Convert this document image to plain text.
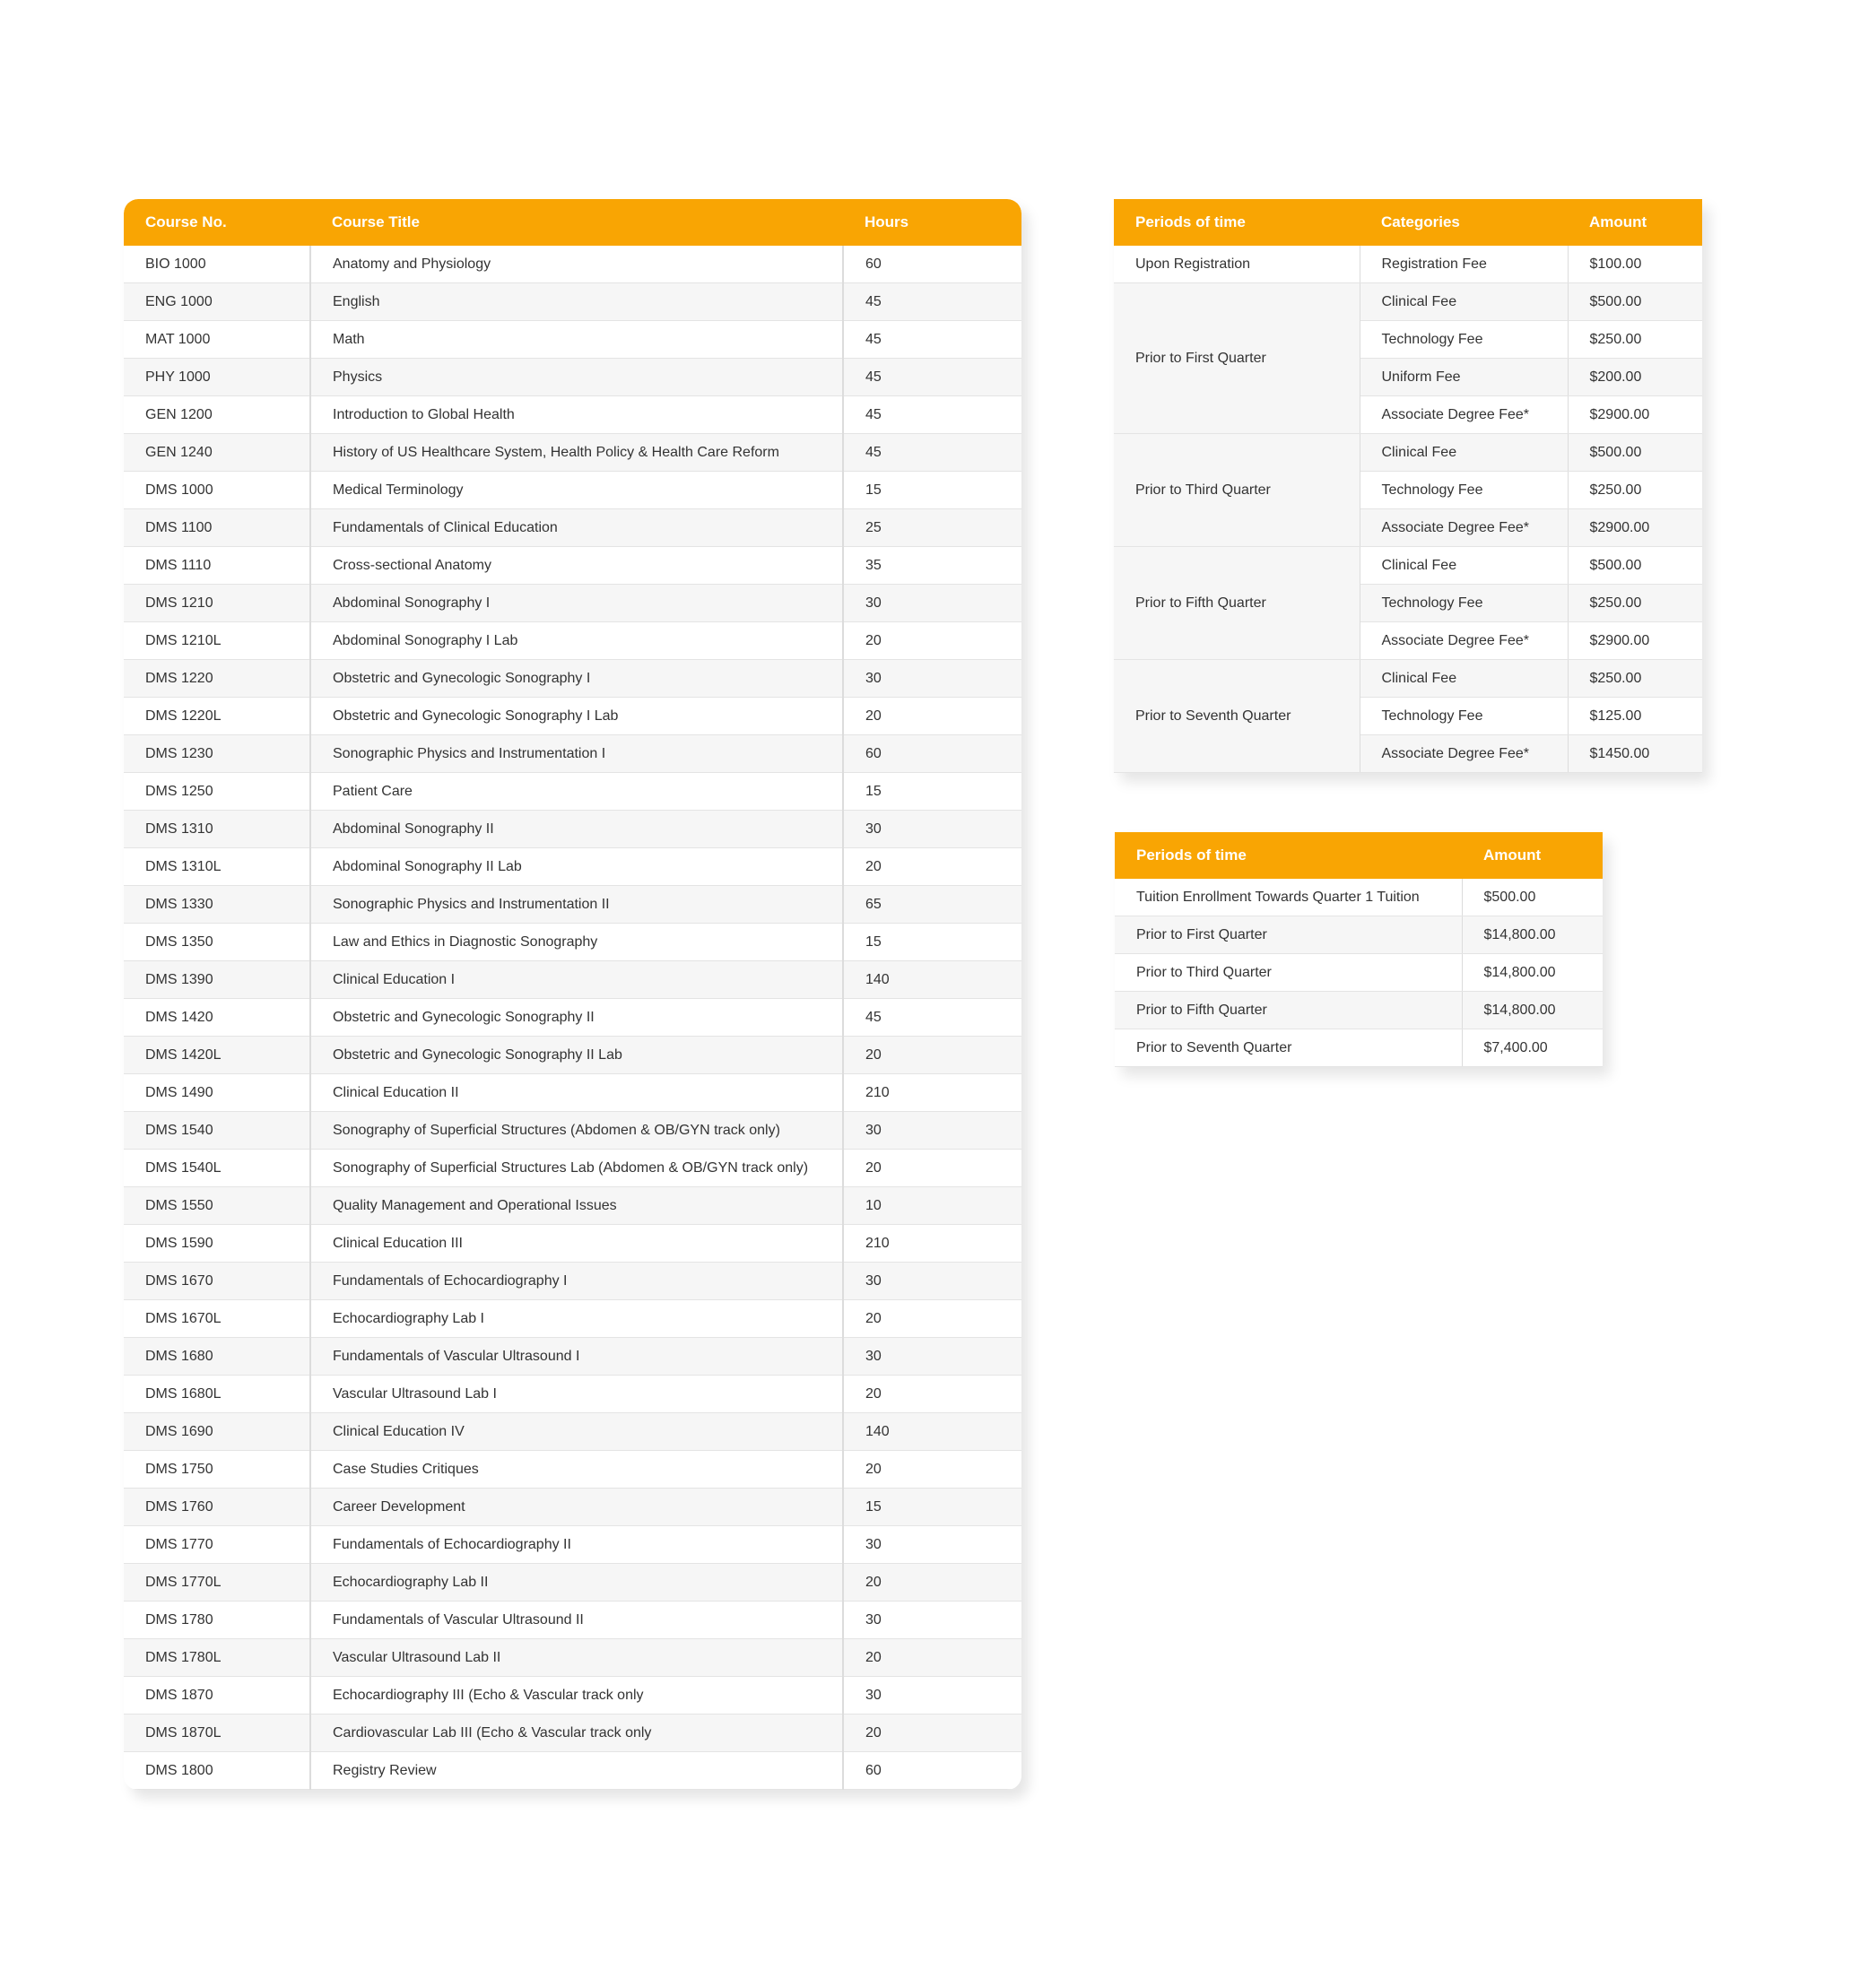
Course No.	Course Title	Hours
BIO 1000	Anatomy and Physiology	60
ENG 1000	English	45
MAT 1000	Math	45
PHY 1000	Physics	45
GEN 1200	Introduction to Global Health	45
GEN 1240	History of US Healthcare System, Health Policy & Health Care Reform	45
DMS 1000	Medical Terminology	15
DMS 1100	Fundamentals of Clinical Education	25
DMS 1110	Cross-sectional Anatomy	35
DMS 1210	Abdominal Sonography I	30
DMS 1210L	Abdominal Sonography I Lab	20
DMS 1220	Obstetric and Gynecologic Sonography I	30
DMS 1220L	Obstetric and Gynecologic Sonography I Lab	20
DMS 1230	Sonographic Physics and Instrumentation I	60
DMS 1250	Patient Care	15
DMS 1310	Abdominal Sonography II	30
DMS 1310L	Abdominal Sonography II Lab	20
DMS 1330	Sonographic Physics and Instrumentation II	65
DMS 1350	Law and Ethics in Diagnostic Sonography	15
DMS 1390	Clinical Education I	140
DMS 1420	Obstetric and Gynecologic Sonography II	45
DMS 1420L	Obstetric and Gynecologic Sonography II Lab	20
DMS 1490	Clinical Education II	210
DMS 1540	Sonography of Superficial Structures (Abdomen & OB/GYN track only)	30
DMS 1540L	Sonography of Superficial Structures Lab (Abdomen & OB/GYN track only)	20
DMS 1550	Quality Management and Operational Issues	10
DMS 1590	Clinical Education III	210
DMS 1670	Fundamentals of Echocardiography I	30
DMS 1670L	Echocardiography Lab I	20
DMS 1680	Fundamentals of Vascular Ultrasound I	30
DMS 1680L	Vascular Ultrasound Lab I	20
DMS 1690	Clinical Education IV	140
DMS 1750	Case Studies Critiques	20
DMS 1760	Career Development	15
DMS 1770	Fundamentals of Echocardiography II	30
DMS 1770L	Echocardiography Lab II	20
DMS 1780	Fundamentals of Vascular Ultrasound II	30
DMS 1780L	Vascular Ultrasound Lab II	20
DMS 1870	Echocardiography III (Echo & Vascular track only	30
DMS 1870L	Cardiovascular Lab III (Echo & Vascular track only	20
DMS 1800	Registry Review	60
Periods of time	Categories	Amount
Upon Registration	Registration Fee	$100.00
Prior to First Quarter	Clinical Fee	$500.00
	Technology Fee	$250.00
	Uniform Fee	$200.00
	Associate Degree Fee*	$2900.00
Prior to Third Quarter	Clinical Fee	$500.00
	Technology Fee	$250.00
	Associate Degree Fee*	$2900.00
Prior to Fifth Quarter	Clinical Fee	$500.00
	Technology Fee	$250.00
	Associate Degree Fee*	$2900.00
Prior to Seventh Quarter	Clinical Fee	$250.00
	Technology Fee	$125.00
	Associate Degree Fee*	$1450.00
Periods of time	Amount
Tuition Enrollment Towards Quarter 1 Tuition	$500.00
Prior to First Quarter	$14,800.00
Prior to Third Quarter	$14,800.00
Prior to Fifth Quarter	$14,800.00
Prior to Seventh Quarter	$7,400.00
